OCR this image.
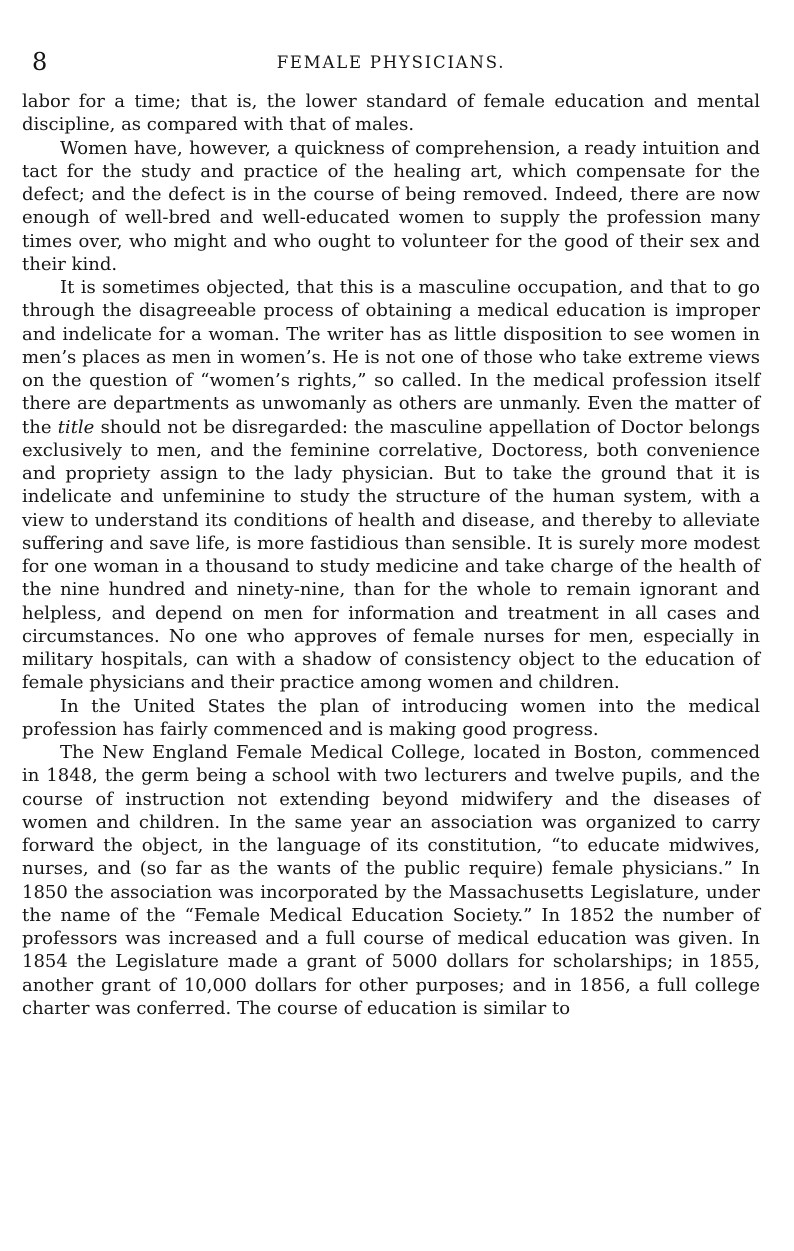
8	FEMALE PHYSICIANS.

labor for a time; that is, the lower standard of female education and mental discipline, as compared with that of males.

Women have, however, a quickness of comprehension, a ready intuition and tact for the study and practice of the healing art, which compensate for the defect; and the defect is in the course of being removed. Indeed, there are now enough of well-bred and well-educated women to supply the profession many times over, who might and who ought to volunteer for the good of their sex and their kind.

It is sometimes objected, that this is a masculine occupation, and that to go through the disagreeable process of obtaining a medical education is improper and indelicate for a woman. The writer has as little disposition to see women in men’s places as men in women’s. He is not one of those who take extreme views on the question of “women’s rights,” so called. In the medical profession itself there are departments as unwomanly as others are unmanly. Even the matter of the title should not be disregarded: the masculine appellation of Doctor belongs exclusively to men, and the feminine correlative, Doctoress, both convenience and propriety assign to the lady physician. But to take the ground that it is indelicate and unfeminine to study the structure of the human system, with a view to understand its conditions of health and disease, and thereby to alleviate suffering and save life, is more fastidious than sensible. It is surely more modest for one woman in a thousand to study medicine and take charge of the health of the nine hundred and ninety-nine, than for the whole to remain ignorant and helpless, and depend on men for information and treatment in all cases and circumstances. No one who approves of female nurses for men, especially in military hospitals, can with a shadow of consistency object to the education of female physicians and their practice among women and children.

In the United States the plan of introducing women into the medical profession has fairly commenced and is making good progress.

The New England Female Medical College, located in Boston, commenced in 1848, the germ being a school with two lecturers and twelve pupils, and the course of instruction not extending beyond midwifery and the diseases of women and children. In the same year an association was organized to carry forward the object, in the language of its constitution, “to educate midwives, nurses, and (so far as the wants of the public require) female physicians.” In 1850 the association was incorporated by the Massachusetts Legislature, under the name of the “Female Medical Education Society.” In 1852 the number of professors was increased and a full course of medical education was given. In 1854 the Legislature made a grant of 5000 dollars for scholarships; in 1855, another grant of 10,000 dollars for other purposes; and in 1856, a full college charter was conferred. The course of education is similar to
